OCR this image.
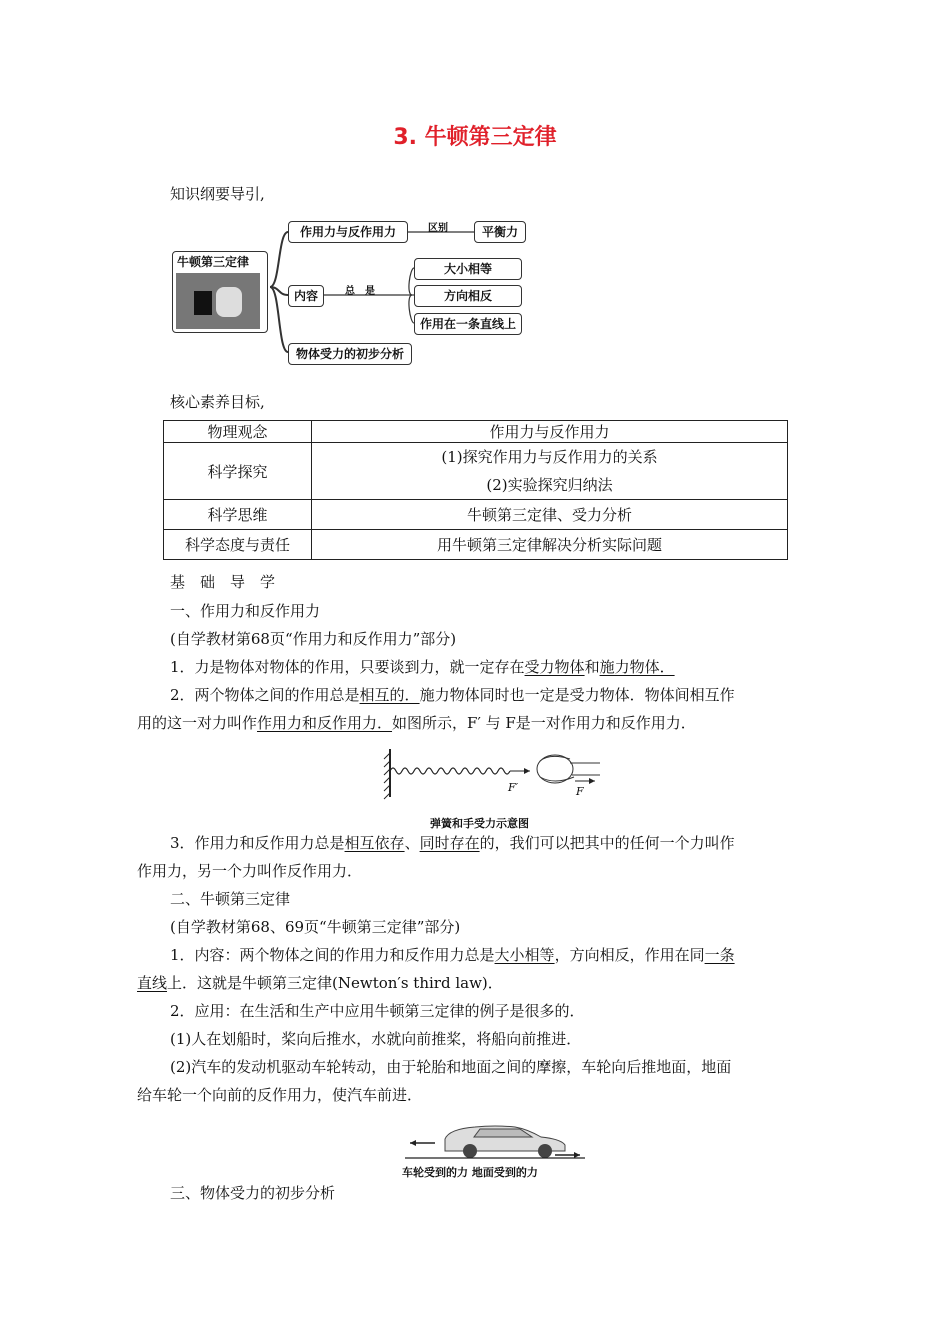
3. 牛顿第三定律
知识纲要导引,
牛顿第三定律
作用力与反作用力	区别	平衡力
内容	总　是
大小相等
方向相反
作用在一条直线上
物体受力的初步分析
核心素养目标,
物理观念	作用力与反作用力
科学探究	(1)探究作用力与反作用力的关系
(2)实验探究归纳法

科学思维	牛顿第三定律、受力分析
科学态度与责任	用牛顿第三定律解决分析实际问题
基　础　导　学
一、作用力和反作用力
(自学教材第68页“作用力和反作用力”部分)
1．力是物体对物体的作用，只要谈到力，就一定存在受力物体和施力物体．
2．两个物体之间的作用总是相互的．施力物体同时也一定是受力物体．物体间相互作
用的这一对力叫作作用力和反作用力．如图所示，F′ 与 F是一对作用力和反作用力．
F′	F
弹簧和手受力示意图
3．作用力和反作用力总是相互依存、同时存在的，我们可以把其中的任何一个力叫作
作用力，另一个力叫作反作用力．
二、牛顿第三定律
(自学教材第68、69页“牛顿第三定律”部分)
1．内容：两个物体之间的作用力和反作用力总是大小相等，方向相反，作用在同一条
直线上．这就是牛顿第三定律(Newton′s third law)．
2．应用：在生活和生产中应用牛顿第三定律的例子是很多的．
(1)人在划船时，桨向后推水，水就向前推桨，将船向前推进．
(2)汽车的发动机驱动车轮转动，由于轮胎和地面之间的摩擦，车轮向后推地面，地面
给车轮一个向前的反作用力，使汽车前进．
车轮受到的力 地面受到的力
三、物体受力的初步分析
